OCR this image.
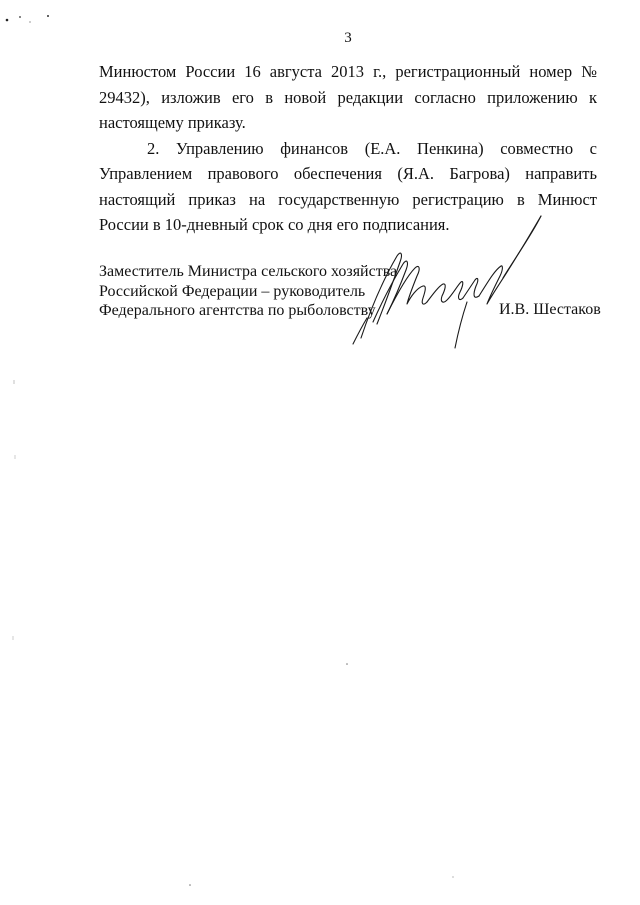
3

Минюстом России 16 августа 2013 г., регистрационный номер № 29432), изложив его в новой редакции согласно приложению к настоящему приказу.

2. Управлению финансов (Е.А. Пенкина) совместно с Управлением правового обеспечения (Я.А. Багрова) направить настоящий приказ на государственную регистрацию в Минюст России в 10-дневный срок со дня его подписания.

Заместитель Министра сельского хозяйства
Российской Федерации – руководитель
Федерального агентства по рыболовству	И.В. Шестаков
